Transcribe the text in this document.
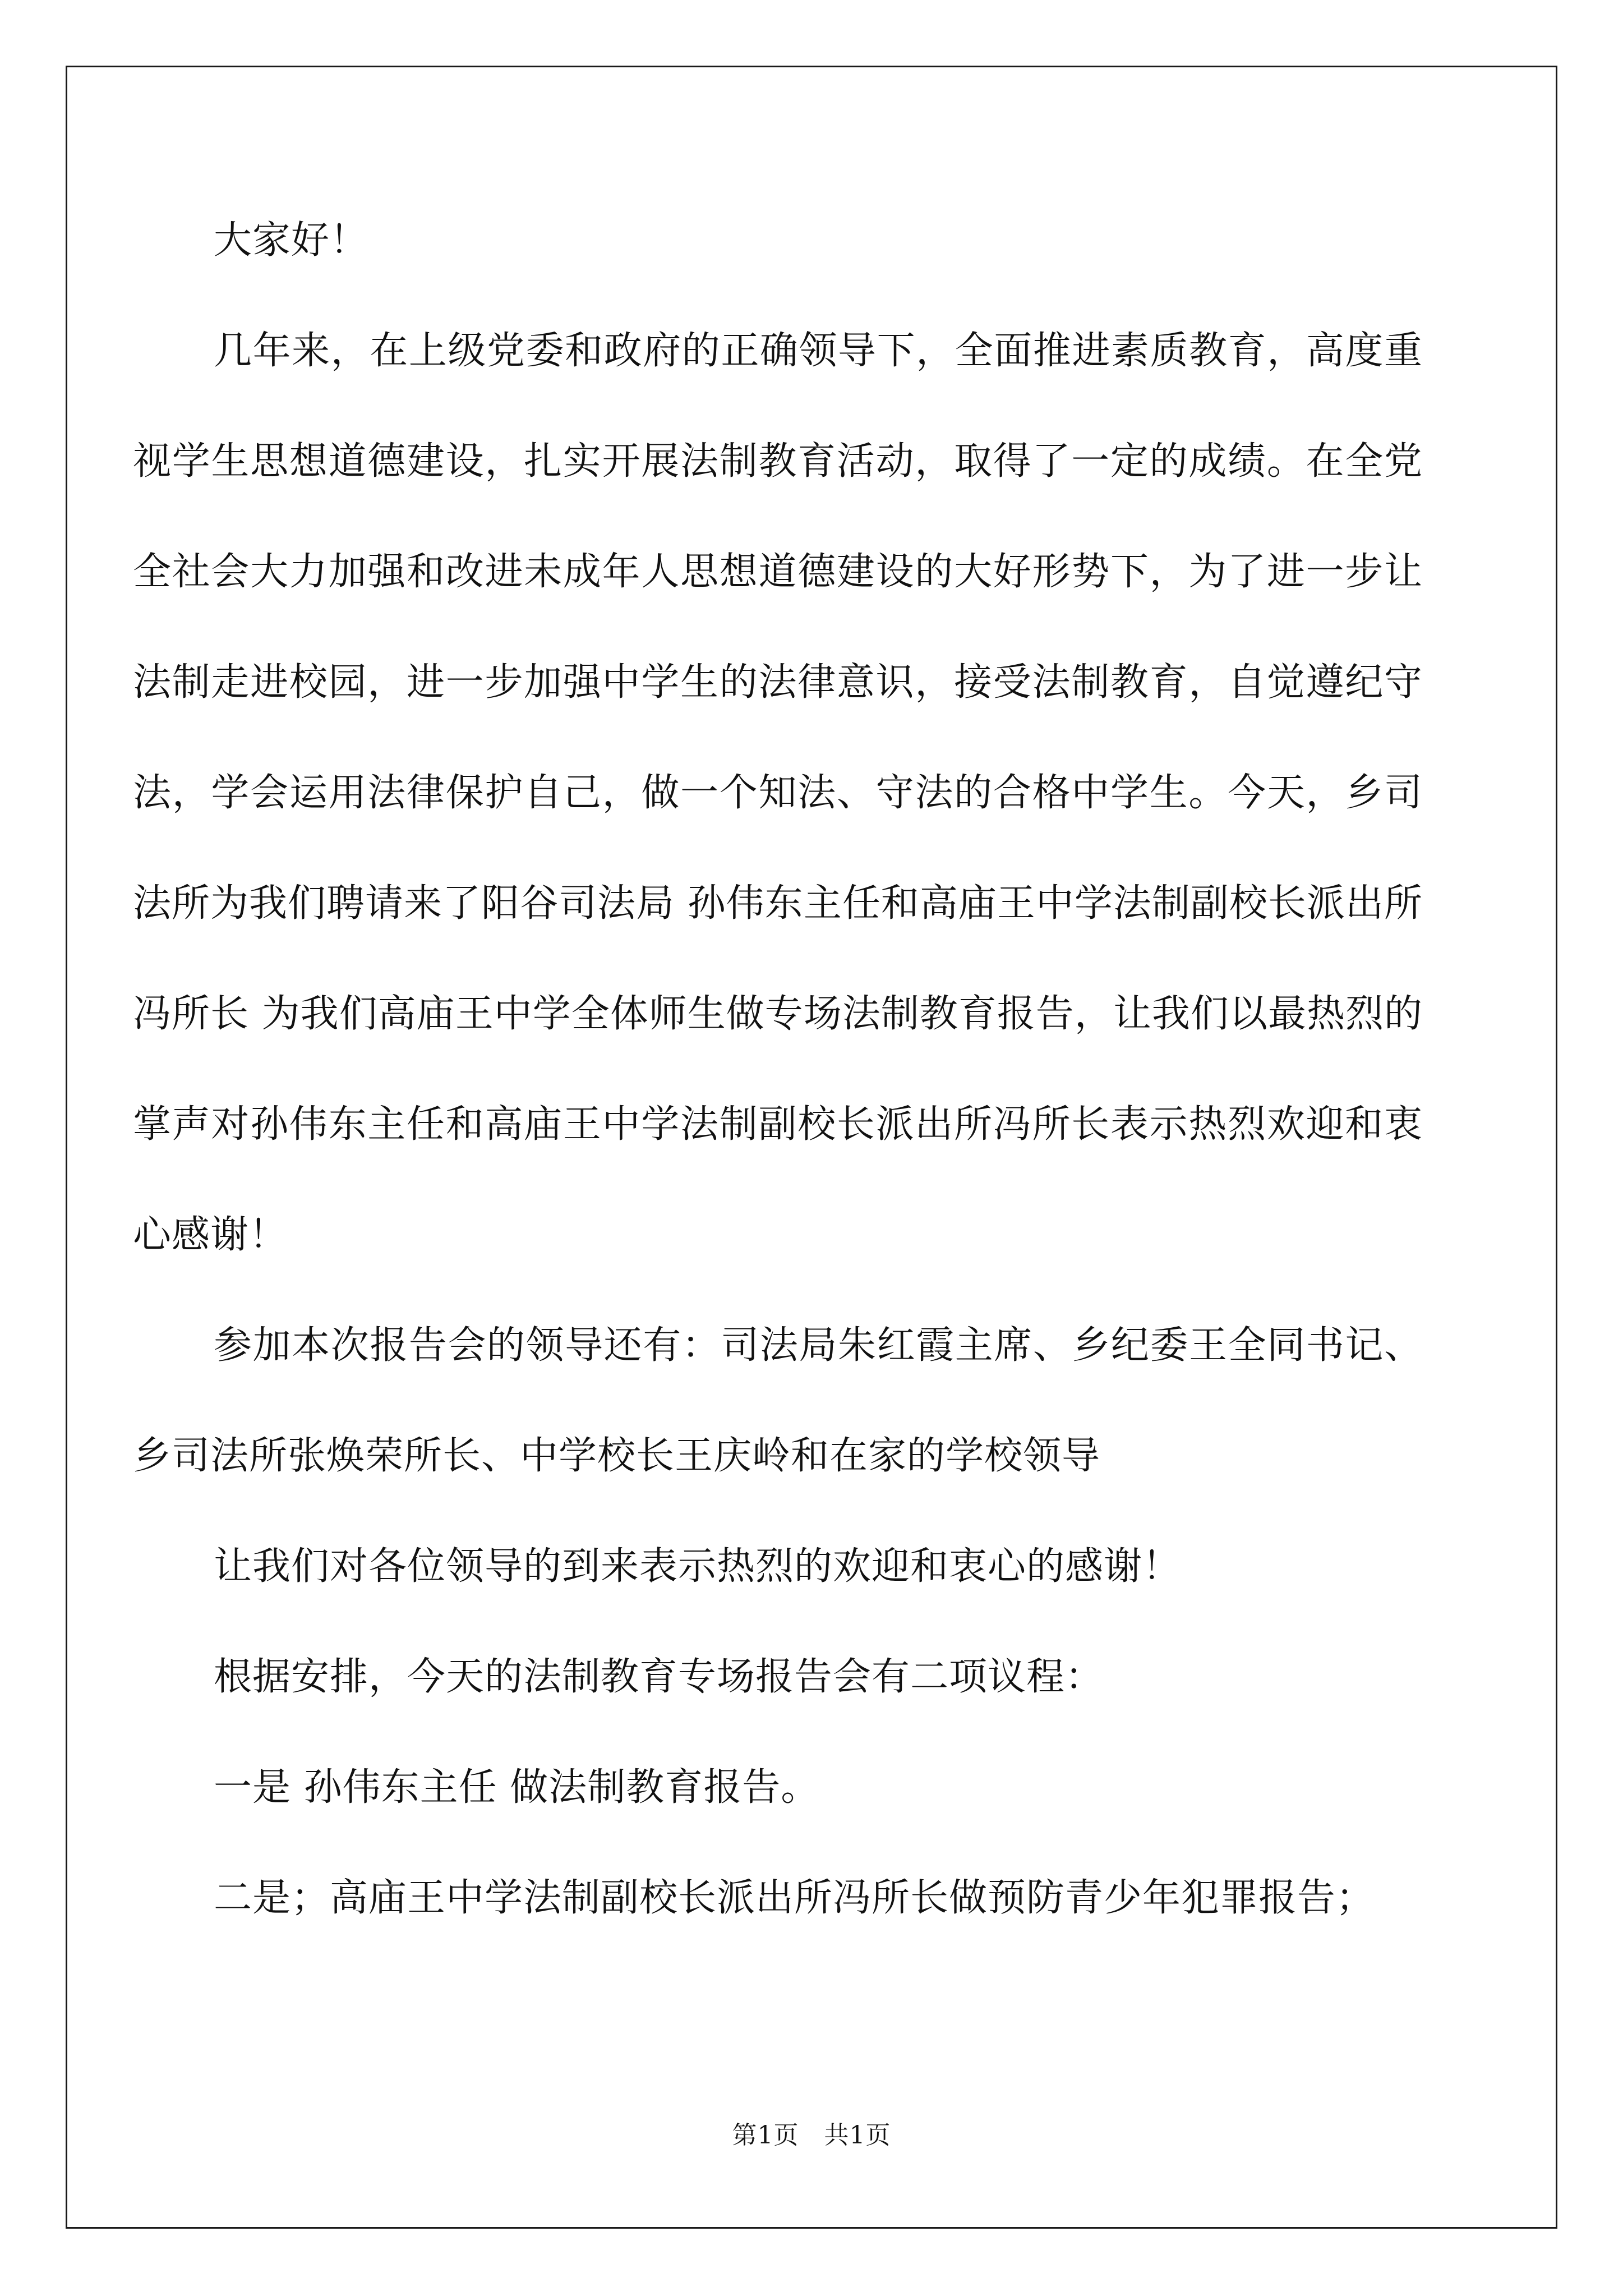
大家好！

几年来，在上级党委和政府的正确领导下，全面推进素质教育，高度重视学生思想道德建设，扎实开展法制教育活动，取得了一定的成绩。在全党全社会大力加强和改进未成年人思想道德建设的大好形势下，为了进一步让法制走进校园，进一步加强中学生的法律意识，接受法制教育，自觉遵纪守法，学会运用法律保护自己，做一个知法、守法的合格中学生。今天，乡司法所为我们聘请来了阳谷司法局 孙伟东主任和高庙王中学法制副校长派出所冯所长 为我们高庙王中学全体师生做专场法制教育报告，让我们以最热烈的掌声对孙伟东主任和高庙王中学法制副校长派出所冯所长表示热烈欢迎和衷心感谢！

参加本次报告会的领导还有：司法局朱红霞主席、乡纪委王全同书记、乡司法所张焕荣所长、中学校长王庆岭和在家的学校领导

让我们对各位领导的到来表示热烈的欢迎和衷心的感谢！

根据安排，今天的法制教育专场报告会有二项议程：

一是 孙伟东主任 做法制教育报告。

二是；高庙王中学法制副校长派出所冯所长做预防青少年犯罪报告；

第1页　共1页
